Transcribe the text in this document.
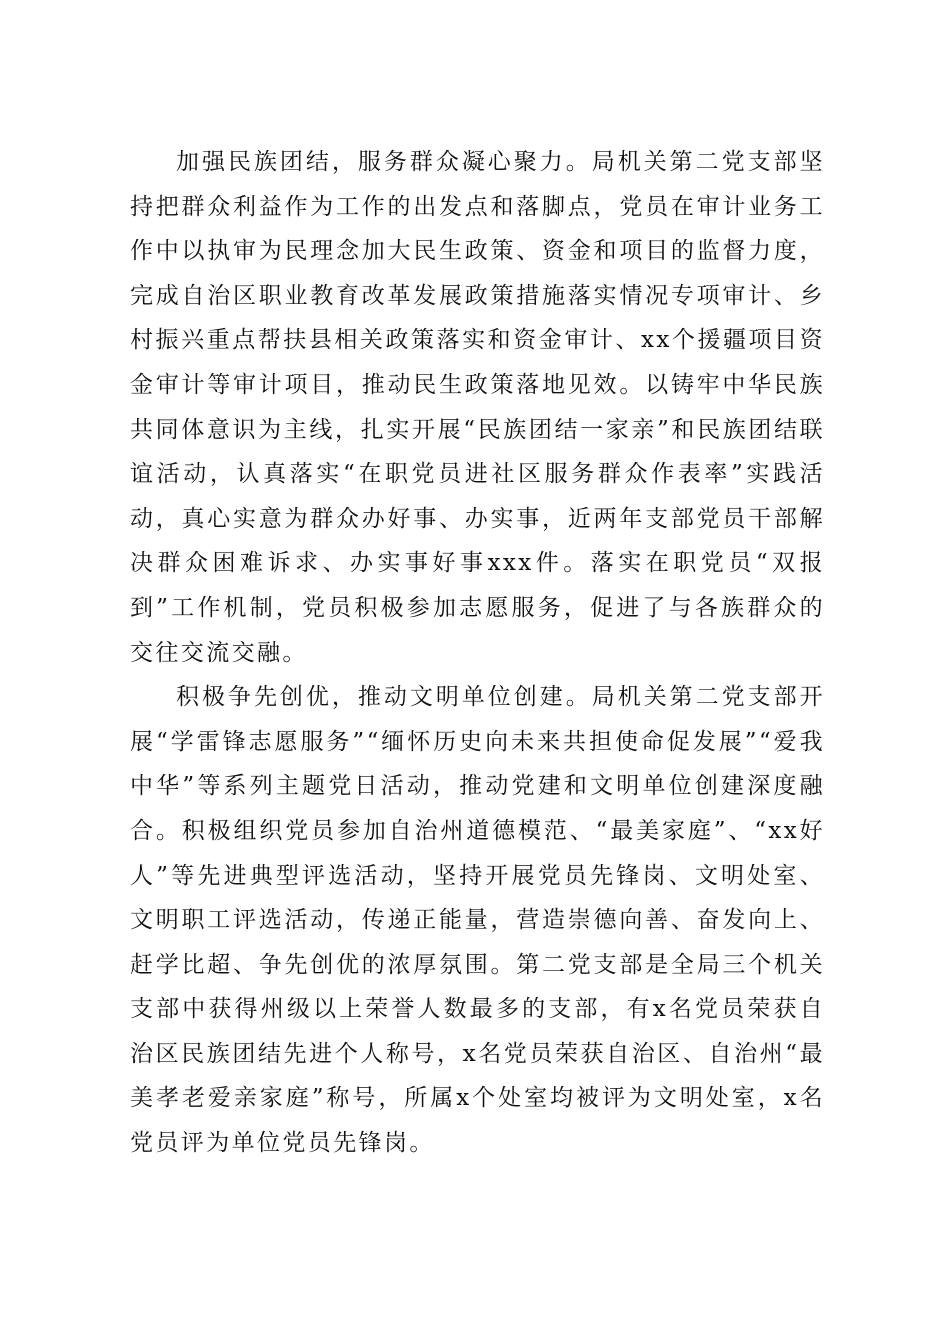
加强民族团结，服务群众凝心聚力。局机关第二党支部坚持把群众利益作为工作的出发点和落脚点，党员在审计业务工作中以执审为民理念加大民生政策、资金和项目的监督力度，完成自治区职业教育改革发展政策措施落实情况专项审计、乡村振兴重点帮扶县相关政策落实和资金审计、xx个援疆项目资金审计等审计项目，推动民生政策落地见效。以铸牢中华民族共同体意识为主线，扎实开展“民族团结一家亲”和民族团结联谊活动，认真落实“在职党员进社区服务群众作表率”实践活动，真心实意为群众办好事、办实事，近两年支部党员干部解决群众困难诉求、办实事好事xxx件。落实在职党员“双报到”工作机制，党员积极参加志愿服务，促进了与各族群众的交往交流交融。

积极争先创优，推动文明单位创建。局机关第二党支部开展“学雷锋志愿服务”“缅怀历史向未来共担使命促发展”“爱我中华”等系列主题党日活动，推动党建和文明单位创建深度融合。积极组织党员参加自治州道德模范、“最美家庭”、“xx好人”等先进典型评选活动，坚持开展党员先锋岗、文明处室、文明职工评选活动，传递正能量，营造崇德向善、奋发向上、赶学比超、争先创优的浓厚氛围。第二党支部是全局三个机关支部中获得州级以上荣誉人数最多的支部，有x名党员荣获自治区民族团结先进个人称号，x名党员荣获自治区、自治州“最美孝老爱亲家庭”称号，所属x个处室均被评为文明处室，x名党员评为单位党员先锋岗。
